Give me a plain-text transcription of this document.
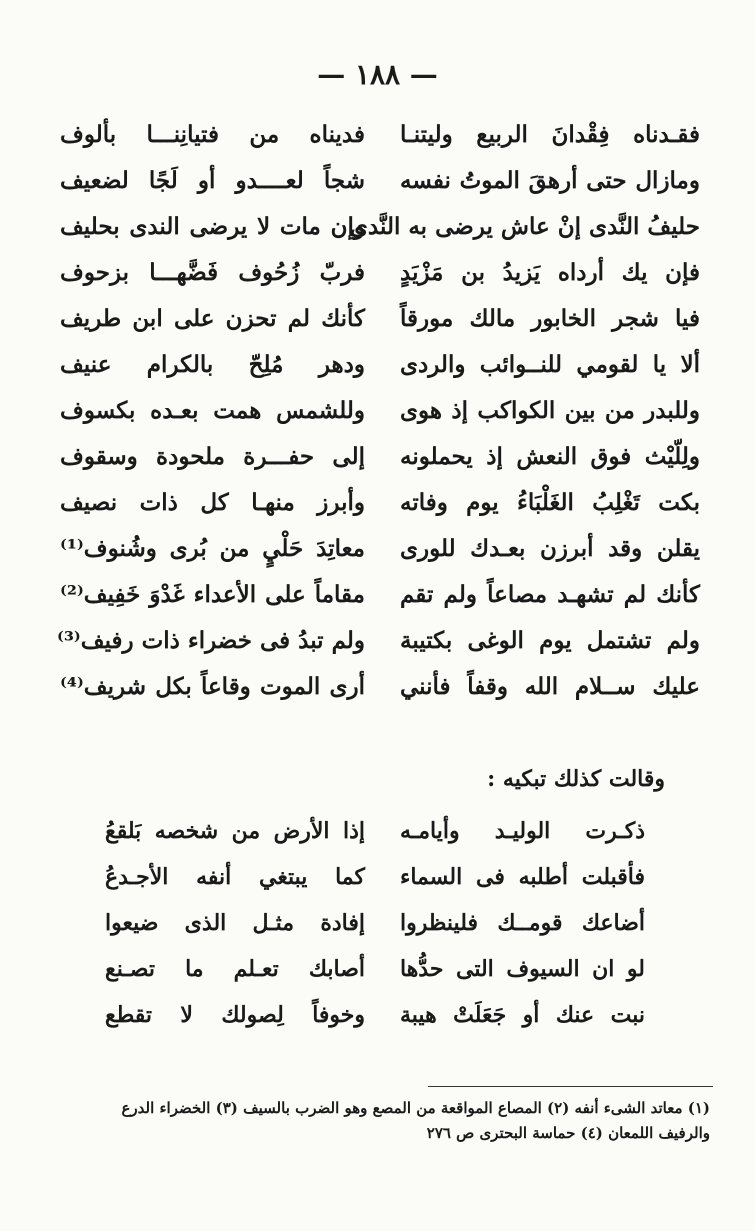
— ١٨٨ —
فقـدناه فِقْدانَ الربيع وليتنـا
فديناه من فتيانِنـــا بألوف
ومازال حتى أرهقَ الموتُ نفسه
شجاً لعــــدو أو لَجًا لضعيف
حليفُ النَّدى إنْ عاش يرضى به النَّدى
وإن مات لا يرضى الندى بحليف
فإن يك أرداه يَزيدُ بن مَزْيَدٍ
فربّ زُحُوف فَضَّهـــا بزحوف
فيا شجر الخابور مالك مورقاً
كأنك لم تحزن على ابن طريف
ألا يا لقومي للنــوائب والردى
ودهر مُلِحّ بالكرام عنيف
وللبدر من بين الكواكب إذ هوى
وللشمس همت بعـده بكسوف
ولِلّيْث فوق النعش إذ يحملونه
إلى حفـــرة ملحودة وسقوف
بكت تَغْلِبُ الغَلْبَاءُ يوم وفاته
وأبرز منهـا كل ذات نصيف
يقلن وقد أبرزن بعـدك للورى
معاتِدَ حَلْيٍ من بُرى وشُنوف⁽¹⁾
كأنك لم تشهـد مصاعاً ولم تقم
مقاماً على الأعداء غَدْوَ خَفِيف⁽²⁾
ولم تشتمل يوم الوغى بكتيبة
ولم تبدُ فى خضراء ذات رفيف⁽³⁾
عليك ســلام الله وقفاً فأنني
أرى الموت وقاعاً بكل شريف⁽⁴⁾
وقالت كذلك تبكيه :
ذكـرت الوليـد وأيامـه
إذا الأرض من شخصه بَلقعُ
فأقبلت أطلبه فى السماء
كما يبتغي أنفه الأجـدعُ
أضاعك قومــك فلينظروا
إفادة مثـل الذى ضيعوا
لو ان السيوف التى حدُّها
أصابك تعـلم ما تصـنع
نبت عنك أو جَعَلَتْ هيبة
وخوفاً لِصولك لا تقطع
(١) معاتد الشىء أنفه (٢) المصاع المواقعة من المصع وهو الضرب بالسيف (٣) الخضراء الدرع
والرفيف اللمعان (٤) حماسة البحترى ص ٢٧٦
